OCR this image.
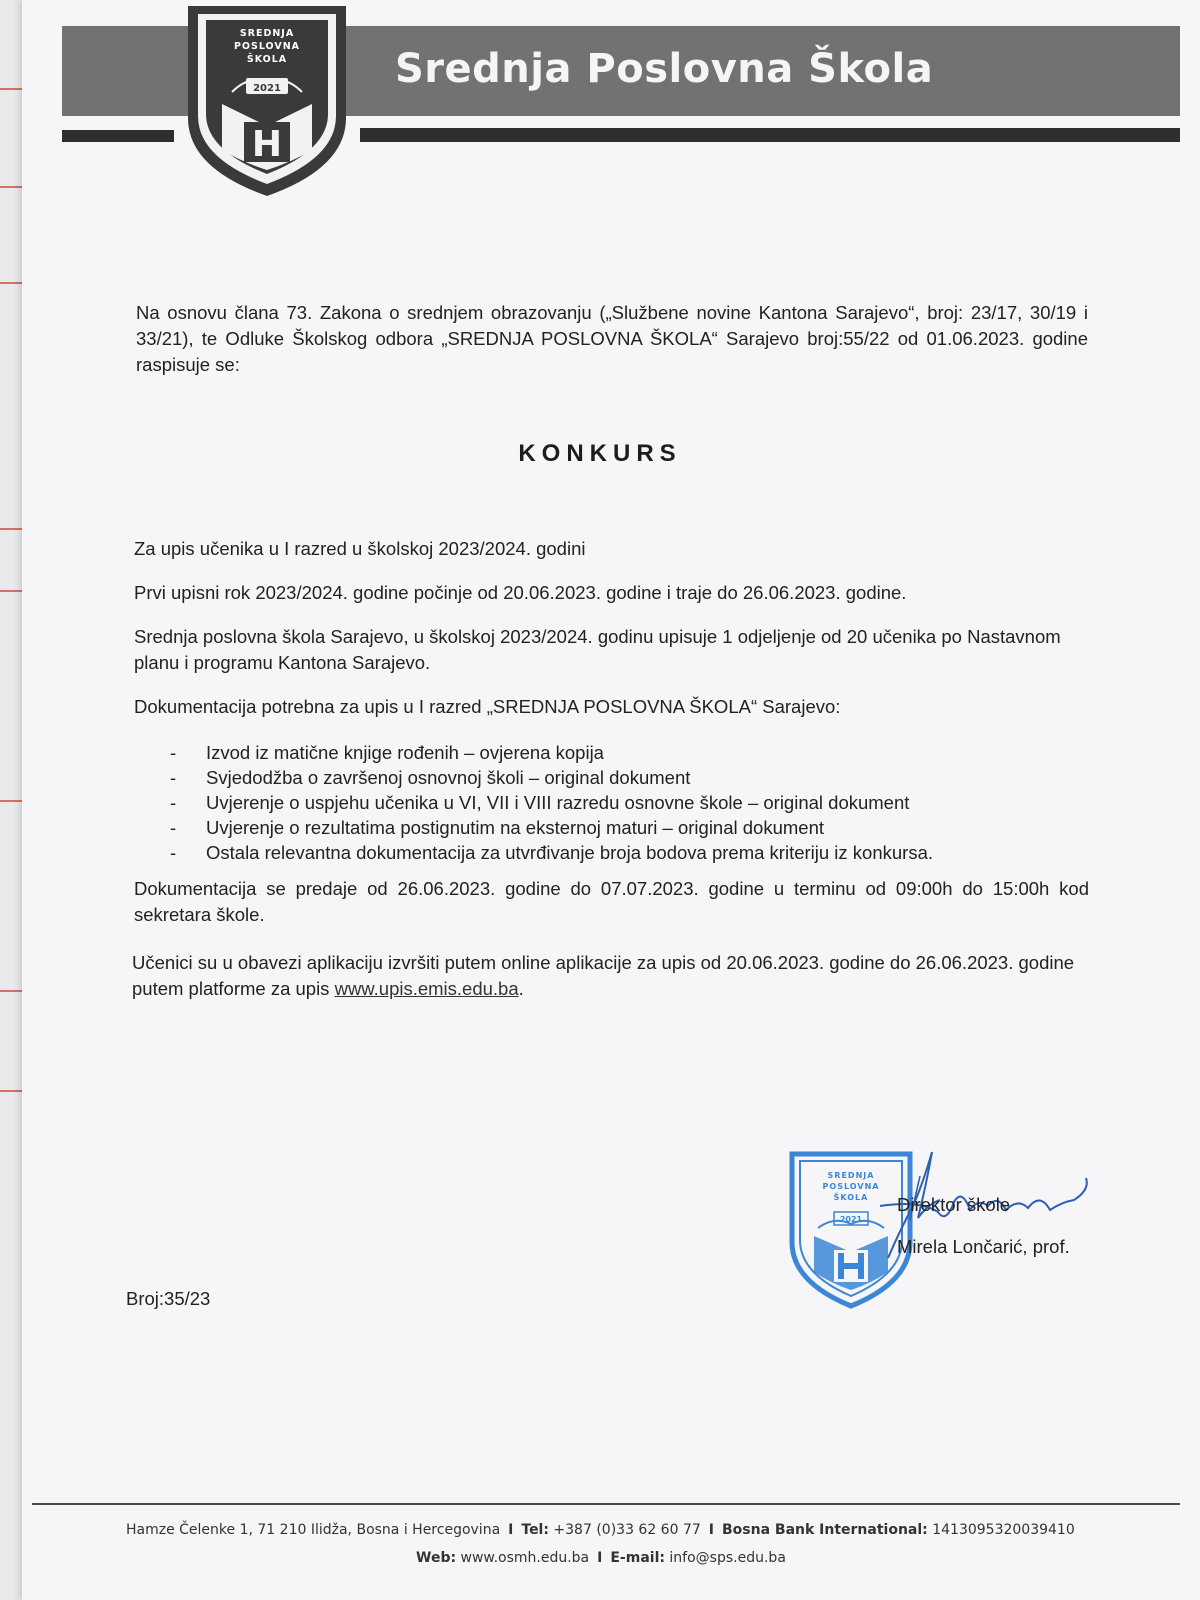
Srednja Poslovna Škola
SREDNJA
POSLOVNA
ŠKOLA
2021
H
Na osnovu člana 73. Zakona o srednjem obrazovanju („Službene novine Kantona Sarajevo“, broj: 23/17, 30/19 i 33/21), te Odluke Školskog odbora „SREDNJA POSLOVNA ŠKOLA“ Sarajevo broj:55/22 od 01.06.2023. godine raspisuje se:
KONKURS
Za upis učenika u I razred u školskoj 2023/2024. godini
Prvi upisni rok 2023/2024. godine počinje od 20.06.2023. godine i traje do 26.06.2023. godine.
Srednja poslovna škola Sarajevo, u školskoj 2023/2024. godinu upisuje 1 odjeljenje od 20 učenika po Nastavnom planu i programu Kantona Sarajevo.
Dokumentacija potrebna za upis u I razred „SREDNJA POSLOVNA ŠKOLA“ Sarajevo:
- Izvod iz matične knjige rođenih – ovjerena kopija
- Svjedodžba o završenoj osnovnoj školi – original dokument
- Uvjerenje o uspjehu učenika u VI, VII i VIII razredu osnovne škole – original dokument
- Uvjerenje o rezultatima postignutim na eksternoj maturi – original dokument
- Ostala relevantna dokumentacija za utvrđivanje broja bodova prema kriteriju iz konkursa.
Dokumentacija se predaje od 26.06.2023. godine do 07.07.2023. godine u terminu od 09:00h do 15:00h kod sekretara škole.
Učenici su u obavezi aplikaciju izvršiti putem online aplikacije za upis od 20.06.2023. godine do 26.06.2023. godine putem platforme za upis www.upis.emis.edu.ba.
SREDNJA
POSLOVNA
ŠKOLA
2021
Direktor škole
Mirela Lončarić, prof.
Broj:35/23
Hamze Čelenke 1, 71 210 Ilidža, Bosna i Hercegovina I Tel: +387 (0)33 62 60 77 I Bosna Bank International: 1413095320039410
Web: www.osmh.edu.ba I E-mail: info@sps.edu.ba
